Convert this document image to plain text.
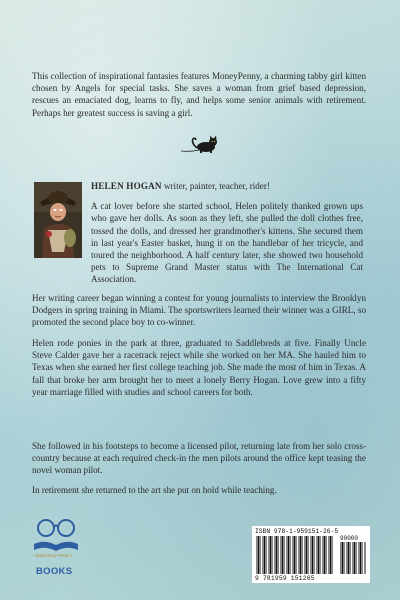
This collection of inspirational fantasies features MoneyPenny, a charming tabby girl kitten chosen by Angels for special tasks. She saves a woman from grief based depression, rescues an emaciated dog, learns to fly, and helps some senior animals with retirement. Perhaps her greatest success is saving a girl.

HELEN HOGAN writer, painter, teacher, rider!

A cat lover before she started school, Helen politely thanked grown ups who gave her dolls. As soon as they left, she pulled the doll clothes free, tossed the dolls, and dressed her grandmother's kittens. She secured them in last year's Easter basket, hung it on the handlebar of her tricycle, and toured the neighborhood. A half century later, she showed two household pets to Supreme Grand Master status with The International Cat Association.

Her writing career began winning a contest for young journalists to interview the Brooklyn Dodgers in spring training in Miami. The sportswriters learned their winner was a GIRL, so promoted the second place boy to co-winner.

Helen rode ponies in the park at three, graduated to Saddlebreds at five. Finally Uncle Steve Calder gave her a racetrack reject while she worked on her MA. She hauled him to Texas when she earned her first college teaching job. She made the most of him in Texas. A fall that broke her arm brought her to meet a lonely Berry Hogan. Love grew into a fifty year marriage filled with studies and school careers for both.

She followed in his footsteps to become a licensed pilot, returning late from her solo cross-country because at each required check-in the men pilots around the office kept teasing the novel woman pilot.

In retirement she returned to the art she put on hold while teaching.

• Bold Story Press •
BOOKS
ISBN 978-1-959151-26-5
90000
9 781959 151265
